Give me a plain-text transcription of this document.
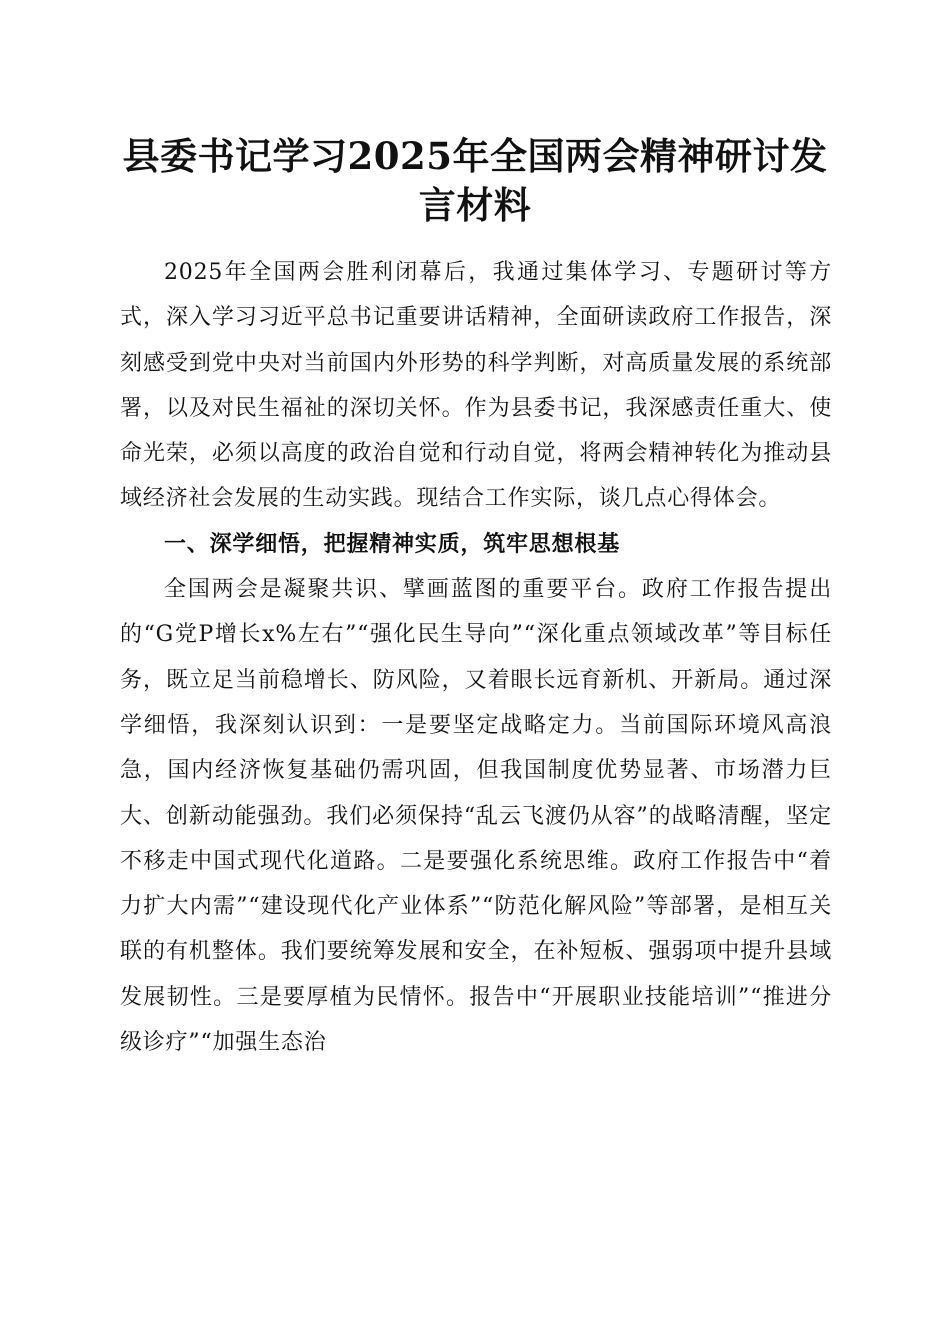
县委书记学习2025年全国两会精神研讨发言材料

2025年全国两会胜利闭幕后，我通过集体学习、专题研讨等方式，深入学习习近平总书记重要讲话精神，全面研读政府工作报告，深刻感受到党中央对当前国内外形势的科学判断，对高质量发展的系统部署，以及对民生福祉的深切关怀。作为县委书记，我深感责任重大、使命光荣，必须以高度的政治自觉和行动自觉，将两会精神转化为推动县域经济社会发展的生动实践。现结合工作实际，谈几点心得体会。

一、深学细悟，把握精神实质，筑牢思想根基

全国两会是凝聚共识、擘画蓝图的重要平台。政府工作报告提出的“G党P增长x%左右”“强化民生导向”“深化重点领域改革”等目标任务，既立足当前稳增长、防风险，又着眼长远育新机、开新局。通过深学细悟，我深刻认识到：一是要坚定战略定力。当前国际环境风高浪急，国内经济恢复基础仍需巩固，但我国制度优势显著、市场潜力巨大、创新动能强劲。我们必须保持“乱云飞渡仍从容”的战略清醒，坚定不移走中国式现代化道路。二是要强化系统思维。政府工作报告中“着力扩大内需”“建设现代化产业体系”“防范化解风险”等部署，是相互关联的有机整体。我们要统筹发展和安全，在补短板、强弱项中提升县域发展韧性。三是要厚植为民情怀。报告中“开展职业技能培训”“推进分级诊疗”“加强生态治
